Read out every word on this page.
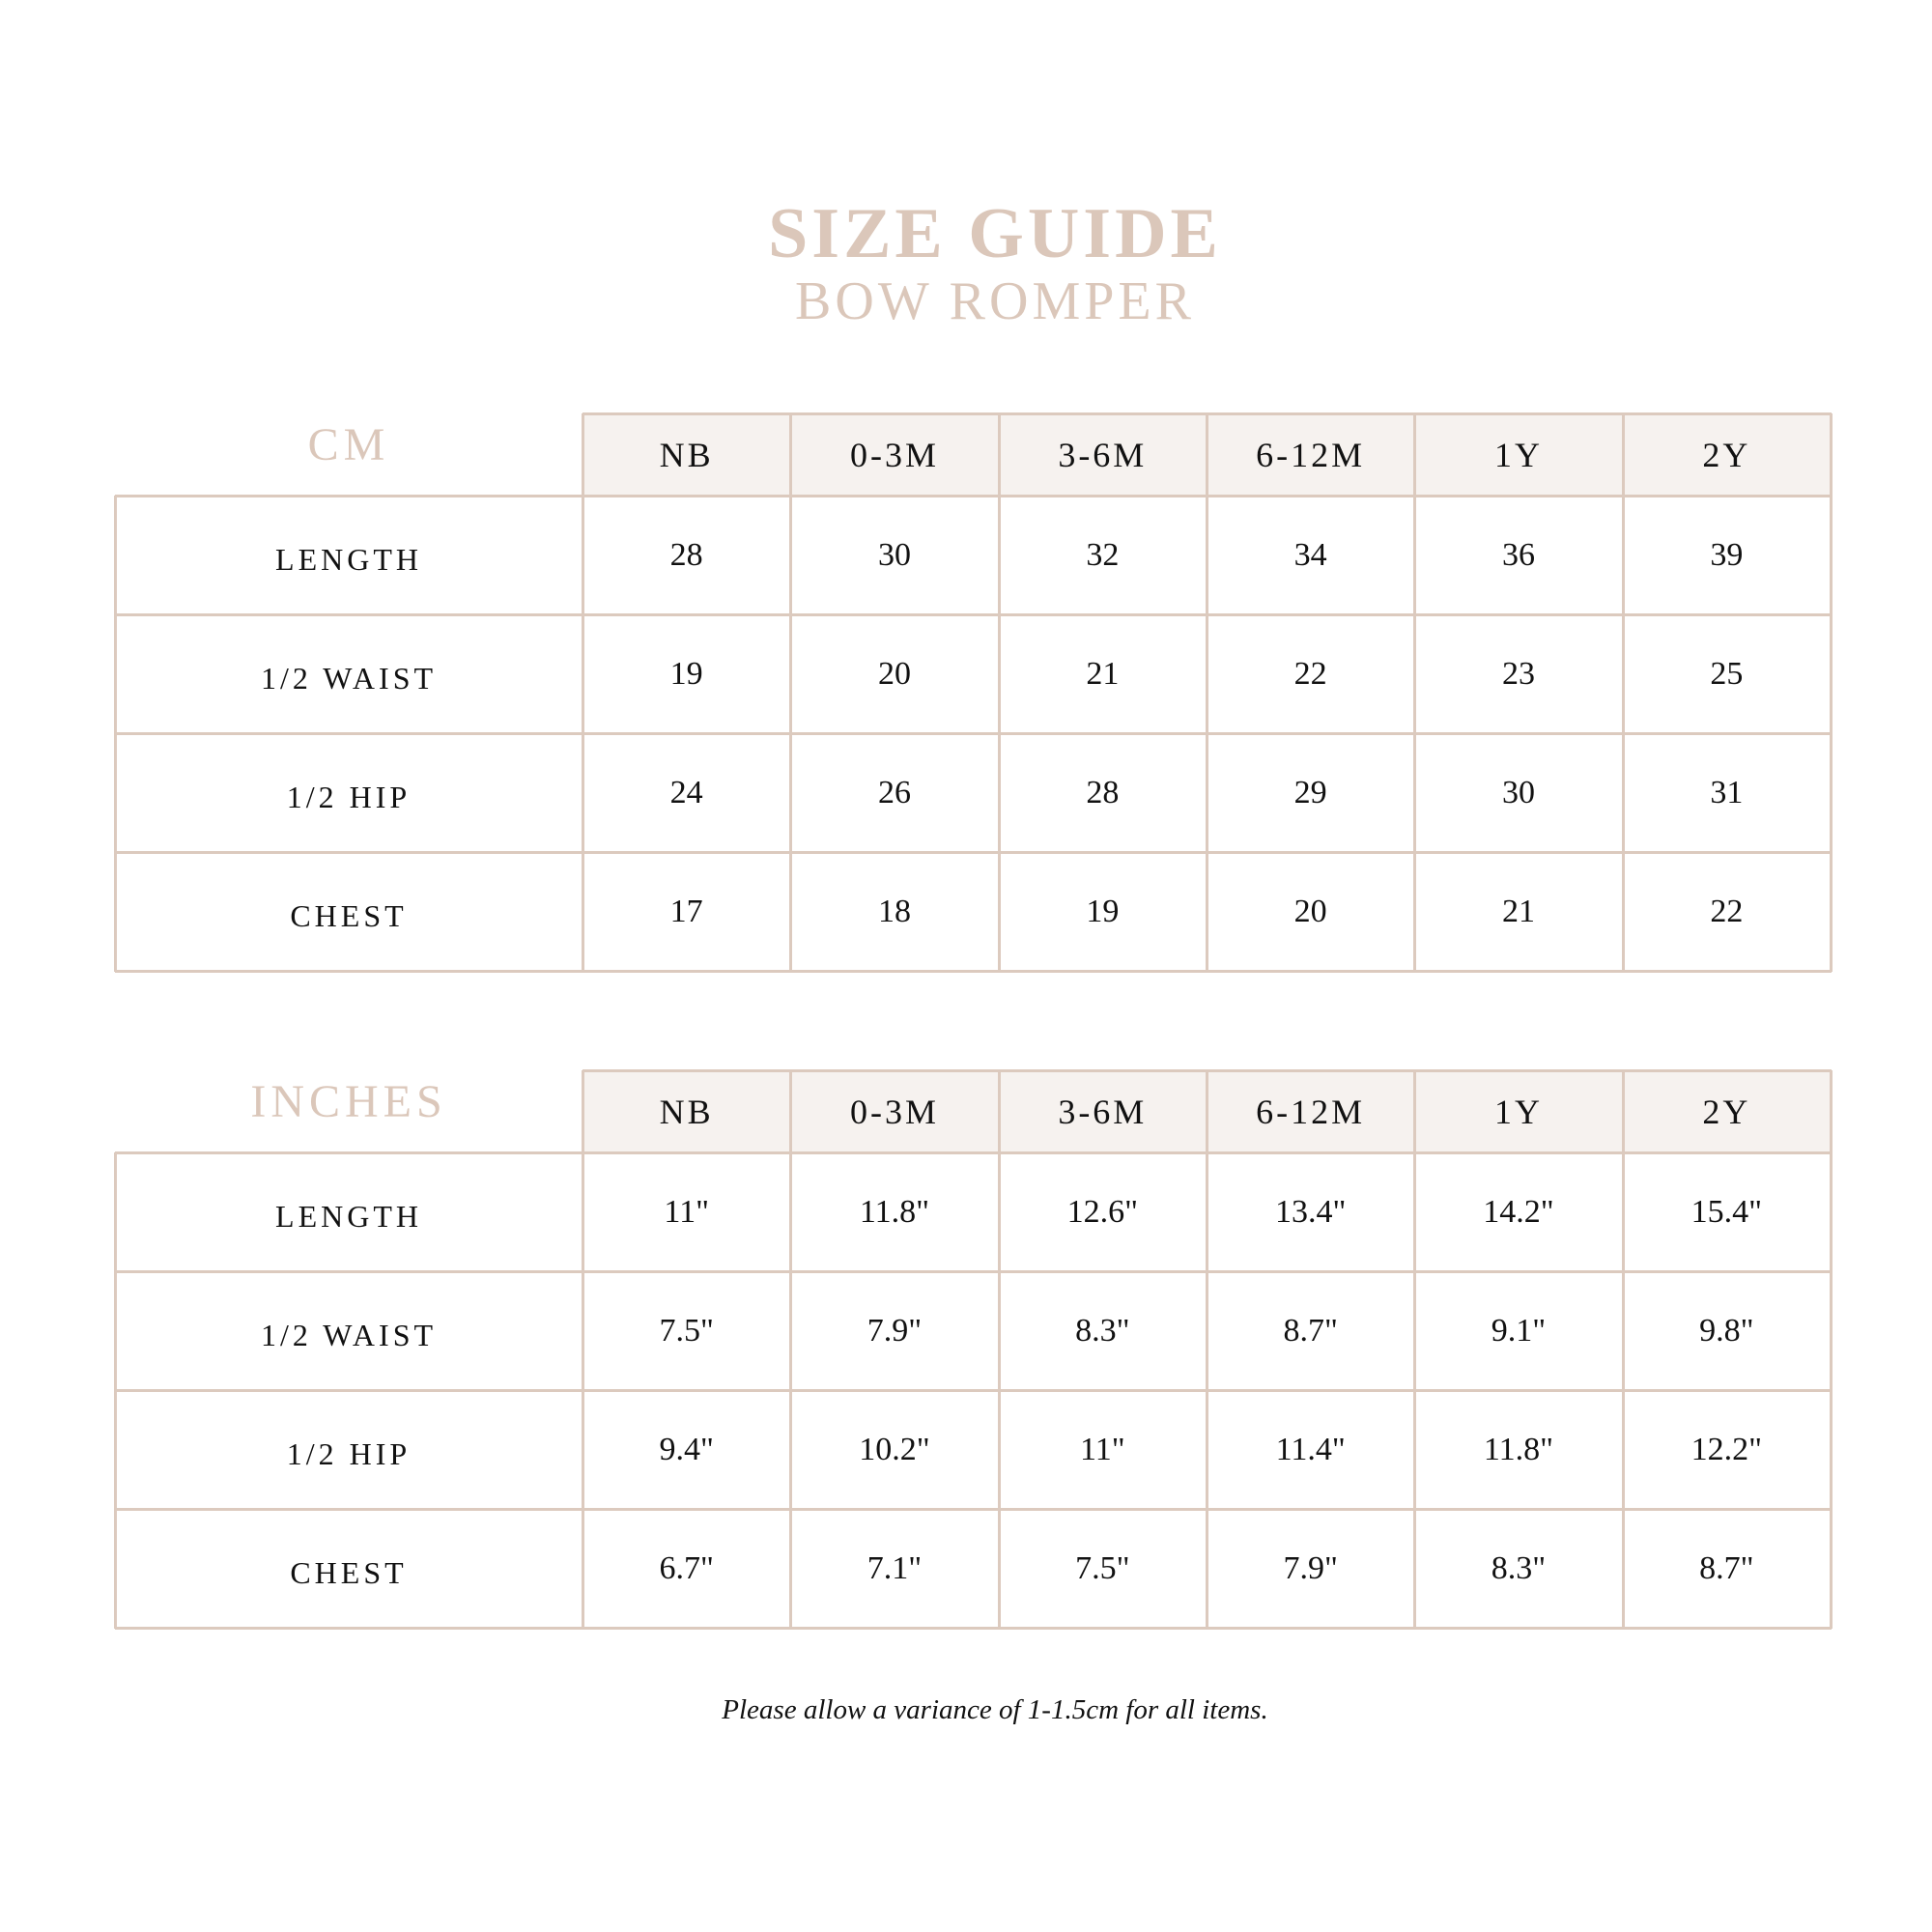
SIZE GUIDE
BOW ROMPER
CM	NB	0-3M	3-6M	6-12M	1Y	2Y
LENGTH	28	30	32	34	36	39
1/2 WAIST	19	20	21	22	23	25
1/2 HIP	24	26	28	29	30	31
CHEST	17	18	19	20	21	22
INCHES	NB	0-3M	3-6M	6-12M	1Y	2Y
LENGTH	11"	11.8"	12.6"	13.4"	14.2"	15.4"
1/2 WAIST	7.5"	7.9"	8.3"	8.7"	9.1"	9.8"
1/2 HIP	9.4"	10.2"	11"	11.4"	11.8"	12.2"
CHEST	6.7"	7.1"	7.5"	7.9"	8.3"	8.7"
Please allow a variance of 1-1.5cm for all items.
